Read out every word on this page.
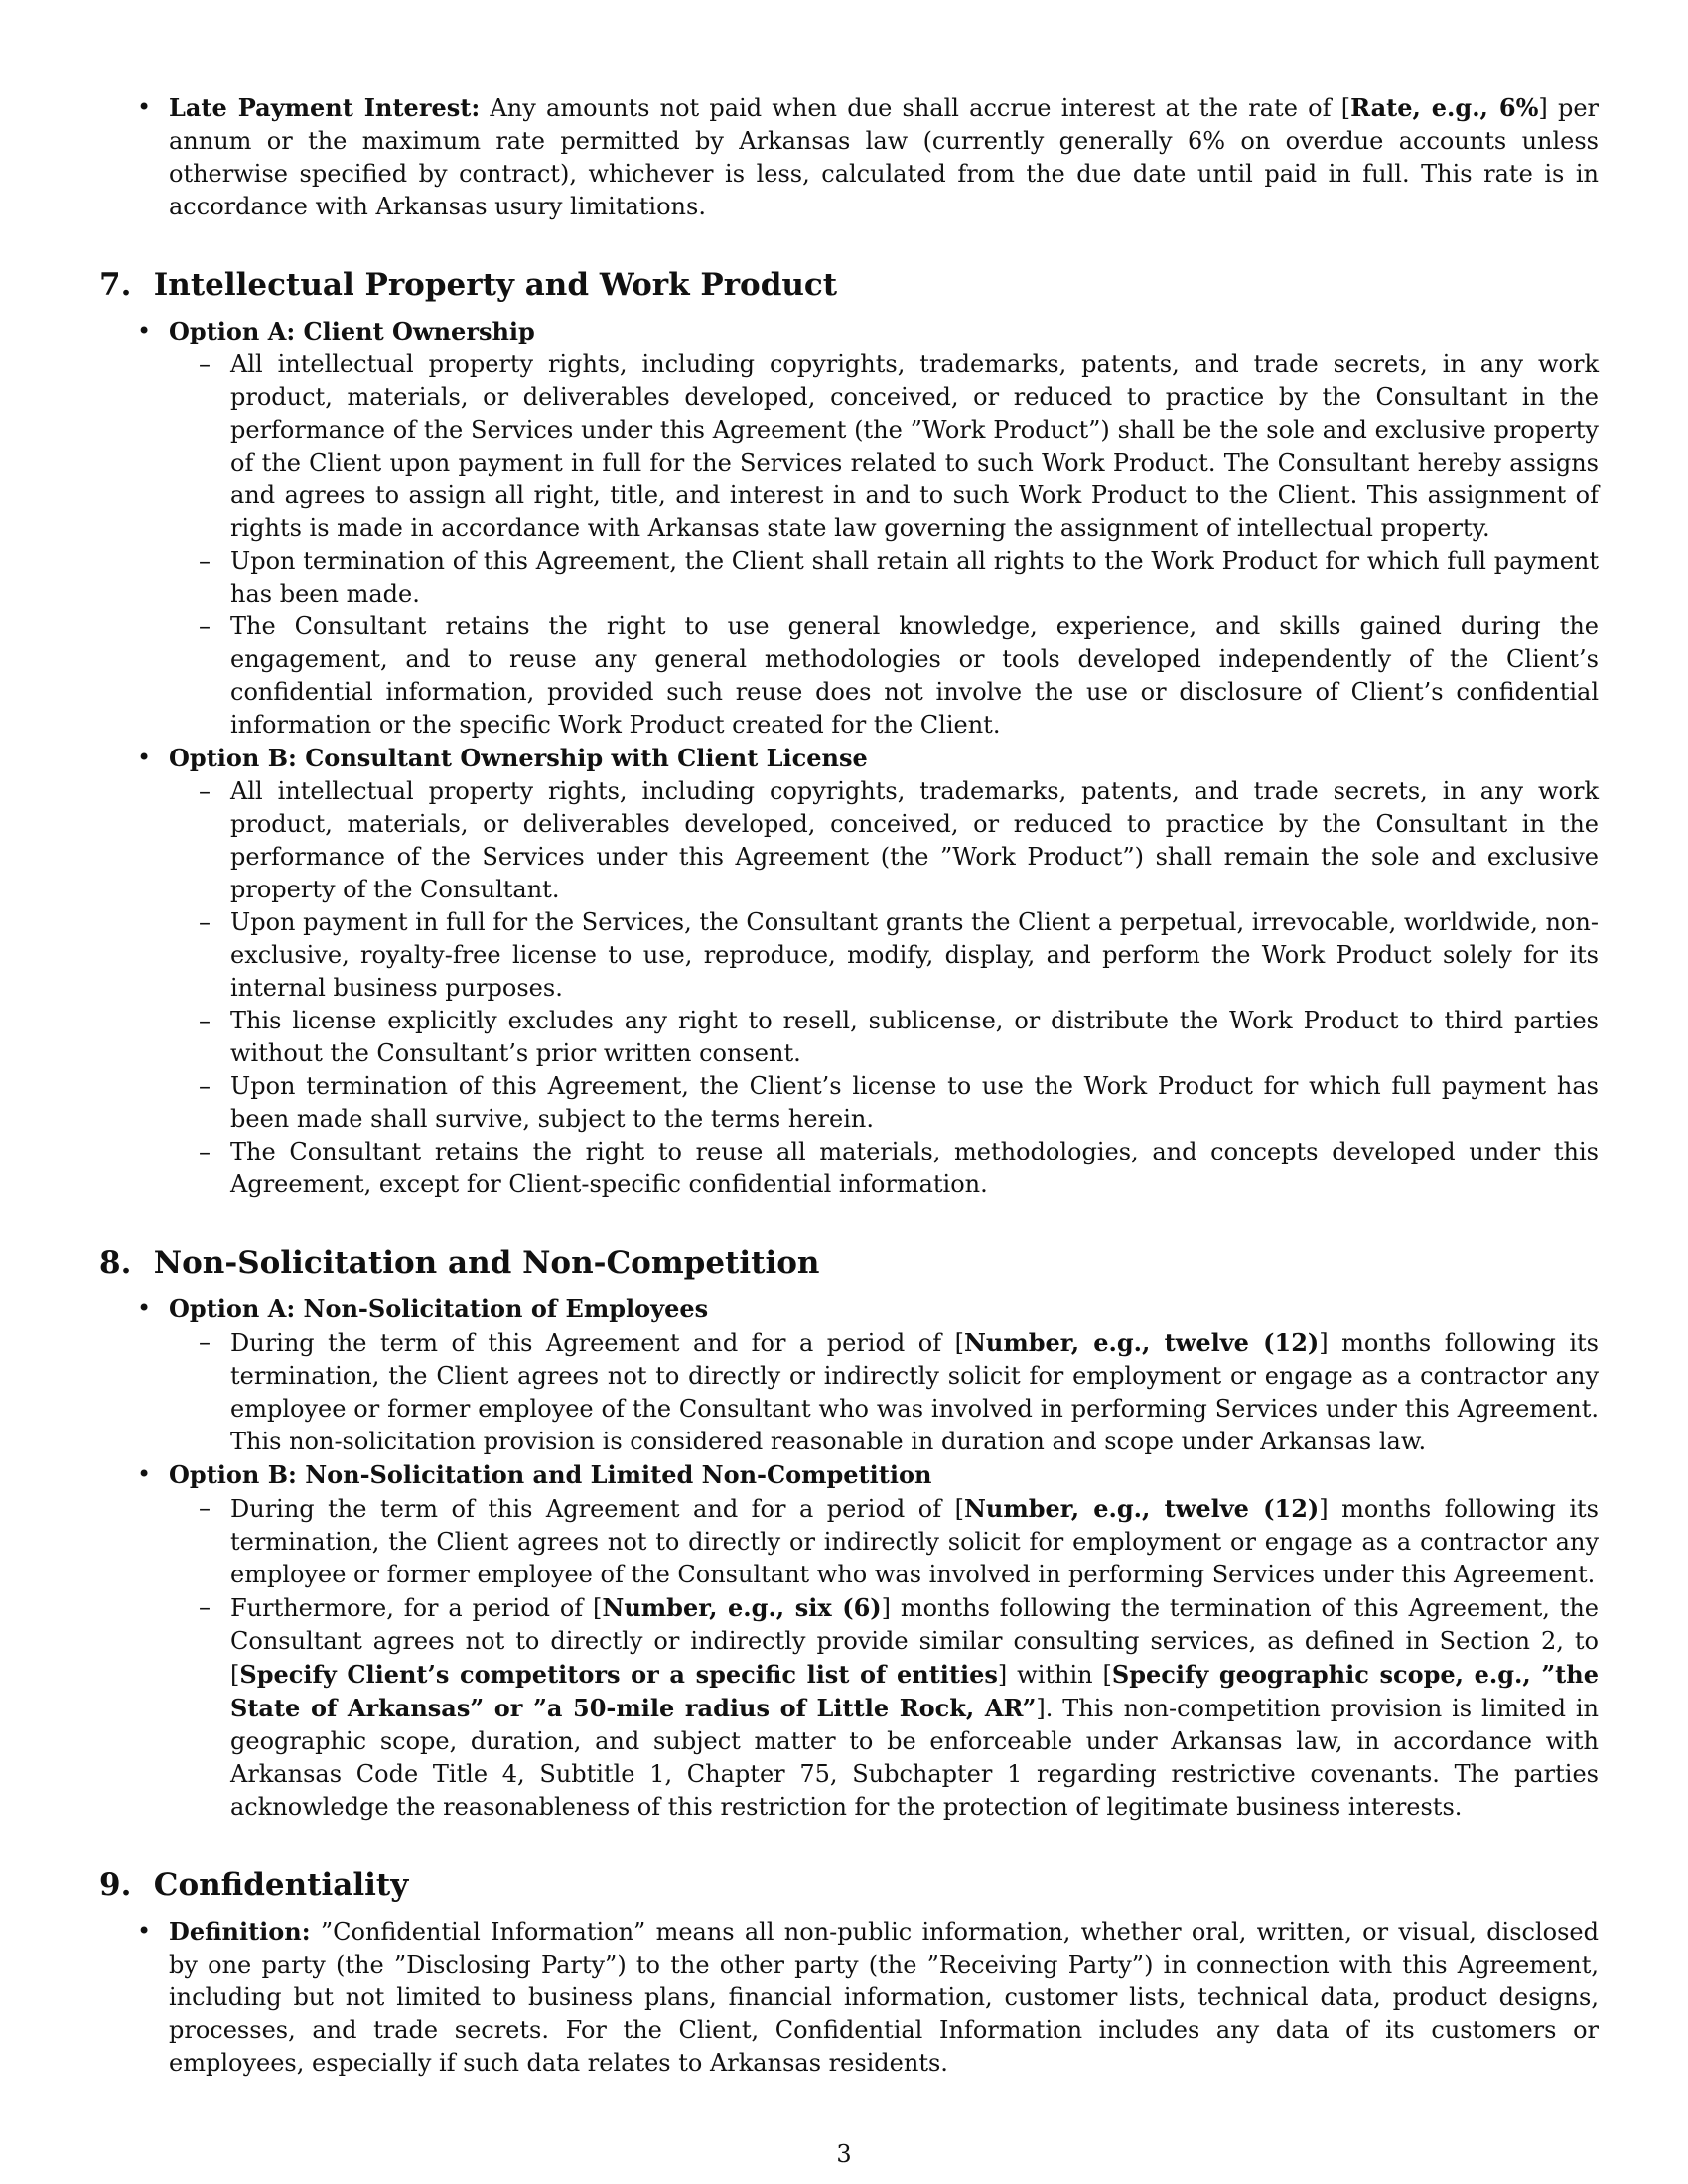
• Late Payment Interest: Any amounts not paid when due shall accrue interest at the rate of [Rate, e.g., 6%] per annum or the maximum rate permitted by Arkansas law (currently generally 6% on overdue accounts unless otherwise specified by contract), whichever is less, calculated from the due date until paid in full. This rate is in accordance with Arkansas usury limitations.
7. Intellectual Property and Work Product
• Option A: Client Ownership
– All intellectual property rights, including copyrights, trademarks, patents, and trade secrets, in any work product, materials, or deliverables developed, conceived, or reduced to practice by the Consultant in the performance of the Services under this Agreement (the ”Work Product”) shall be the sole and exclusive property of the Client upon payment in full for the Services related to such Work Product. The Consultant hereby assigns and agrees to assign all right, title, and interest in and to such Work Product to the Client. This assignment of rights is made in accordance with Arkansas state law governing the assignment of intellectual property.
– Upon termination of this Agreement, the Client shall retain all rights to the Work Product for which full payment has been made.
– The Consultant retains the right to use general knowledge, experience, and skills gained during the engagement, and to reuse any general methodologies or tools developed independently of the Client’s confidential information, provided such reuse does not involve the use or disclosure of Client’s confidential information or the specific Work Product created for the Client.
• Option B: Consultant Ownership with Client License
– All intellectual property rights, including copyrights, trademarks, patents, and trade secrets, in any work product, materials, or deliverables developed, conceived, or reduced to practice by the Consultant in the performance of the Services under this Agreement (the ”Work Product”) shall remain the sole and exclusive property of the Consultant.
– Upon payment in full for the Services, the Consultant grants the Client a perpetual, irrevocable, worldwide, non-exclusive, royalty-free license to use, reproduce, modify, display, and perform the Work Product solely for its internal business purposes.
– This license explicitly excludes any right to resell, sublicense, or distribute the Work Product to third parties without the Consultant’s prior written consent.
– Upon termination of this Agreement, the Client’s license to use the Work Product for which full payment has been made shall survive, subject to the terms herein.
– The Consultant retains the right to reuse all materials, methodologies, and concepts developed under this Agreement, except for Client-specific confidential information.
8. Non-Solicitation and Non-Competition
• Option A: Non-Solicitation of Employees
– During the term of this Agreement and for a period of [Number, e.g., twelve (12)] months following its termination, the Client agrees not to directly or indirectly solicit for employment or engage as a contractor any employee or former employee of the Consultant who was involved in performing Services under this Agreement. This non-solicitation provision is considered reasonable in duration and scope under Arkansas law.
• Option B: Non-Solicitation and Limited Non-Competition
– During the term of this Agreement and for a period of [Number, e.g., twelve (12)] months following its termination, the Client agrees not to directly or indirectly solicit for employment or engage as a contractor any employee or former employee of the Consultant who was involved in performing Services under this Agreement.
– Furthermore, for a period of [Number, e.g., six (6)] months following the termination of this Agreement, the Consultant agrees not to directly or indirectly provide similar consulting services, as defined in Section 2, to [Specify Client’s competitors or a specific list of entities] within [Specify geographic scope, e.g., ”the State of Arkansas” or ”a 50-mile radius of Little Rock, AR”]. This non-competition provision is limited in geographic scope, duration, and subject matter to be enforceable under Arkansas law, in accordance with Arkansas Code Title 4, Subtitle 1, Chapter 75, Subchapter 1 regarding restrictive covenants. The parties acknowledge the reasonableness of this restriction for the protection of legitimate business interests.
9. Confidentiality
• Definition: ”Confidential Information” means all non-public information, whether oral, written, or visual, disclosed by one party (the ”Disclosing Party”) to the other party (the ”Receiving Party”) in connection with this Agreement, including but not limited to business plans, financial information, customer lists, technical data, product designs, processes, and trade secrets. For the Client, Confidential Information includes any data of its customers or employees, especially if such data relates to Arkansas residents.
3
